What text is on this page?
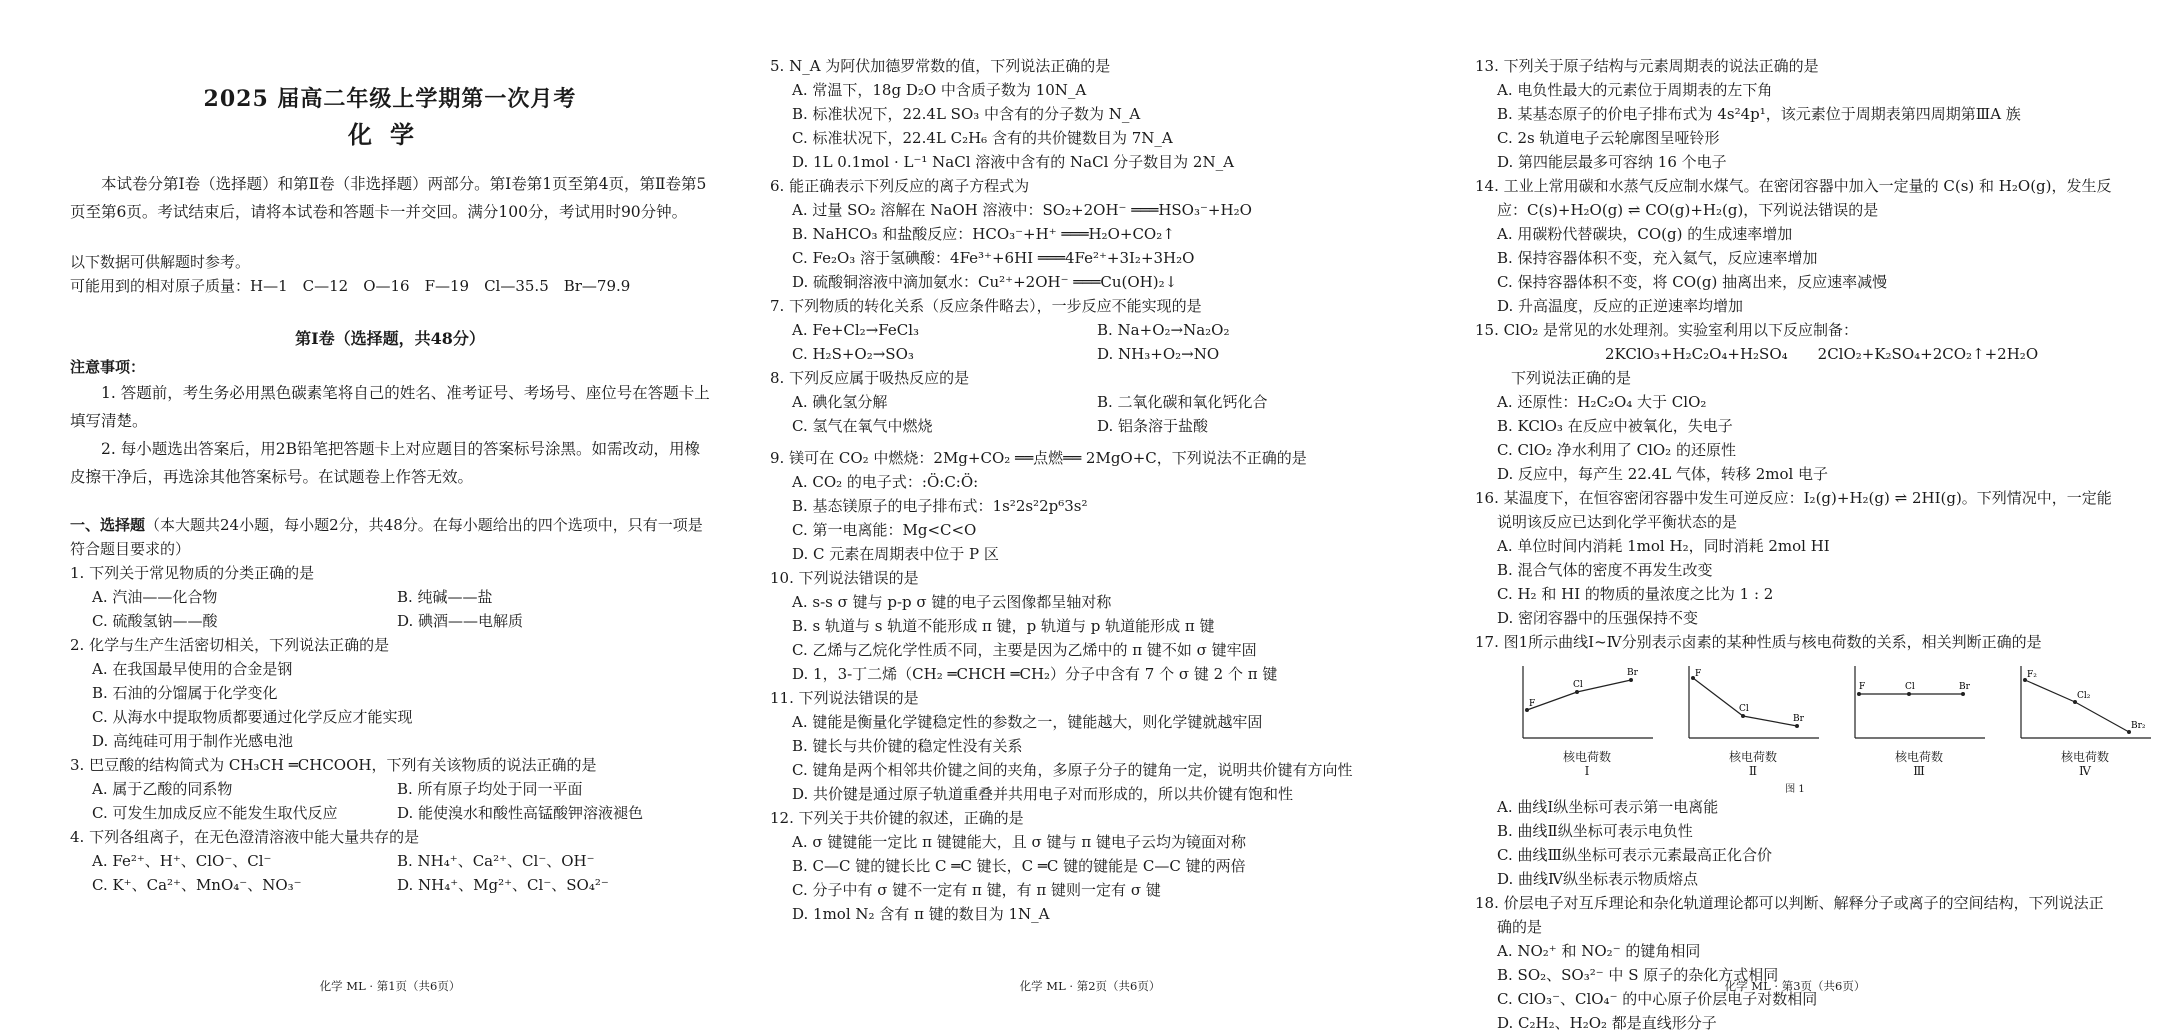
2025 届高二年级上学期第一次月考
化学
本试卷分第Ⅰ卷（选择题）和第Ⅱ卷（非选择题）两部分。第Ⅰ卷第1页至第4页，第Ⅱ卷第5页至第6页。考试结束后，请将本试卷和答题卡一并交回。满分100分，考试用时90分钟。
以下数据可供解题时参考。
可能用到的相对原子质量：H—1　C—12　O—16　F—19　Cl—35.5　Br—79.9
第Ⅰ卷（选择题，共48分）
注意事项：
1. 答题前，考生务必用黑色碳素笔将自己的姓名、准考证号、考场号、座位号在答题卡上填写清楚。
2. 每小题选出答案后，用2B铅笔把答题卡上对应题目的答案标号涂黑。如需改动，用橡皮擦干净后，再选涂其他答案标号。在试题卷上作答无效。
一、选择题（本大题共24小题，每小题2分，共48分。在每小题给出的四个选项中，只有一项是符合题目要求的）
1. 下列关于常见物质的分类正确的是
A. 汽油——化合物	B. 纯碱——盐
C. 硫酸氢钠——酸	D. 碘酒——电解质
2. 化学与生产生活密切相关，下列说法正确的是
A. 在我国最早使用的合金是钢
B. 石油的分馏属于化学变化
C. 从海水中提取物质都要通过化学反应才能实现
D. 高纯硅可用于制作光感电池
3. 巴豆酸的结构简式为 CH₃CH ═CHCOOH，下列有关该物质的说法正确的是
A. 属于乙酸的同系物	B. 所有原子均处于同一平面
C. 可发生加成反应不能发生取代反应	D. 能使溴水和酸性高锰酸钾溶液褪色
4. 下列各组离子，在无色澄清溶液中能大量共存的是
A. Fe²⁺、H⁺、ClO⁻、Cl⁻	B. NH₄⁺、Ca²⁺、Cl⁻、OH⁻
C. K⁺、Ca²⁺、MnO₄⁻、NO₃⁻	D. NH₄⁺、Mg²⁺、Cl⁻、SO₄²⁻
化学 ML · 第1页（共6页）
5. N_A 为阿伏加德罗常数的值，下列说法正确的是
A. 常温下，18g D₂O 中含质子数为 10N_A
B. 标准状况下，22.4L SO₃ 中含有的分子数为 N_A
C. 标准状况下，22.4L C₂H₆ 含有的共价键数目为 7N_A
D. 1L 0.1mol · L⁻¹ NaCl 溶液中含有的 NaCl 分子数目为 2N_A
6. 能正确表示下列反应的离子方程式为
A. 过量 SO₂ 溶解在 NaOH 溶液中：SO₂+2OH⁻ ═══HSO₃⁻+H₂O
B. NaHCO₃ 和盐酸反应：HCO₃⁻+H⁺ ═══H₂O+CO₂↑
C. Fe₂O₃ 溶于氢碘酸：4Fe³⁺+6HI ═══4Fe²⁺+3I₂+3H₂O
D. 硫酸铜溶液中滴加氨水：Cu²⁺+2OH⁻ ═══Cu(OH)₂↓
7. 下列物质的转化关系（反应条件略去），一步反应不能实现的是
A. Fe+Cl₂→FeCl₃	B. Na+O₂→Na₂O₂
C. H₂S+O₂→SO₃	D. NH₃+O₂→NO
8. 下列反应属于吸热反应的是
A. 碘化氢分解	B. 二氧化碳和氧化钙化合
C. 氢气在氧气中燃烧	D. 铝条溶于盐酸
9. 镁可在 CO₂ 中燃烧：2Mg+CO₂ ══点燃══ 2MgO+C，下列说法不正确的是
A. CO₂ 的电子式：:Ö:C:Ö:
B. 基态镁原子的电子排布式：1s²2s²2p⁶3s²
C. 第一电离能：Mg<C<O
D. C 元素在周期表中位于 P 区
10. 下列说法错误的是
A. s-s σ 键与 p-p σ 键的电子云图像都呈轴对称
B. s 轨道与 s 轨道不能形成 π 键，p 轨道与 p 轨道能形成 π 键
C. 乙烯与乙烷化学性质不同，主要是因为乙烯中的 π 键不如 σ 键牢固
D. 1，3-丁二烯（CH₂ ═CHCH ═CH₂）分子中含有 7 个 σ 键 2 个 π 键
11. 下列说法错误的是
A. 键能是衡量化学键稳定性的参数之一，键能越大，则化学键就越牢固
B. 键长与共价键的稳定性没有关系
C. 键角是两个相邻共价键之间的夹角，多原子分子的键角一定，说明共价键有方向性
D. 共价键是通过原子轨道重叠并共用电子对而形成的，所以共价键有饱和性
12. 下列关于共价键的叙述，正确的是
A. σ 键键能一定比 π 键键能大，且 σ 键与 π 键电子云均为镜面对称
B. C—C 键的键长比 C ═C 键长，C ═C 键的键能是 C—C 键的两倍
C. 分子中有 σ 键不一定有 π 键，有 π 键则一定有 σ 键
D. 1mol N₂ 含有 π 键的数目为 1N_A
化学 ML · 第2页（共6页）
13. 下列关于原子结构与元素周期表的说法正确的是
A. 电负性最大的元素位于周期表的左下角
B. 某基态原子的价电子排布式为 4s²4p¹，该元素位于周期表第四周期第ⅢA 族
C. 2s 轨道电子云轮廓图呈哑铃形
D. 第四能层最多可容纳 16 个电子
14. 工业上常用碳和水蒸气反应制水煤气。在密闭容器中加入一定量的 C(s) 和 H₂O(g)，发生反应：C(s)+H₂O(g) ⇌ CO(g)+H₂(g)，下列说法错误的是
A. 用碳粉代替碳块，CO(g) 的生成速率增加
B. 保持容器体积不变，充入氦气，反应速率增加
C. 保持容器体积不变，将 CO(g) 抽离出来，反应速率减慢
D. 升高温度，反应的正逆速率均增加
15. ClO₂ 是常见的水处理剂。实验室利用以下反应制备：
2KClO₃+H₂C₂O₄+H₂SO₄　　2ClO₂+K₂SO₄+2CO₂↑+2H₂O
下列说法正确的是
A. 还原性：H₂C₂O₄ 大于 ClO₂
B. KClO₃ 在反应中被氧化，失电子
C. ClO₂ 净水利用了 ClO₂ 的还原性
D. 反应中，每产生 22.4L 气体，转移 2mol 电子
16. 某温度下，在恒容密闭容器中发生可逆反应：I₂(g)+H₂(g) ⇌ 2HI(g)。下列情况中，一定能说明该反应已达到化学平衡状态的是
A. 单位时间内消耗 1mol H₂，同时消耗 2mol HI
B. 混合气体的密度不再发生改变
C. H₂ 和 HI 的物质的量浓度之比为 1 : 2
D. 密闭容器中的压强保持不变
17. 图1所示曲线Ⅰ~Ⅳ分别表示卤素的某种性质与核电荷数的关系，相关判断正确的是
F
Cl
Br
核电荷数
Ⅰ
F
Cl
Br
核电荷数
Ⅱ
F	Cl	Br
核电荷数
Ⅲ
F₂
Cl₂
Br₂
核电荷数
Ⅳ
图 1
A. 曲线Ⅰ纵坐标可表示第一电离能
B. 曲线Ⅱ纵坐标可表示电负性
C. 曲线Ⅲ纵坐标可表示元素最高正化合价
D. 曲线Ⅳ纵坐标表示物质熔点
18. 价层电子对互斥理论和杂化轨道理论都可以判断、解释分子或离子的空间结构，下列说法正确的是
A. NO₂⁺ 和 NO₂⁻ 的键角相同
B. SO₂、SO₃²⁻ 中 S 原子的杂化方式相同
C. ClO₃⁻、ClO₄⁻ 的中心原子价层电子对数相同
D. C₂H₂、H₂O₂ 都是直线形分子
化学 ML · 第3页（共6页）
